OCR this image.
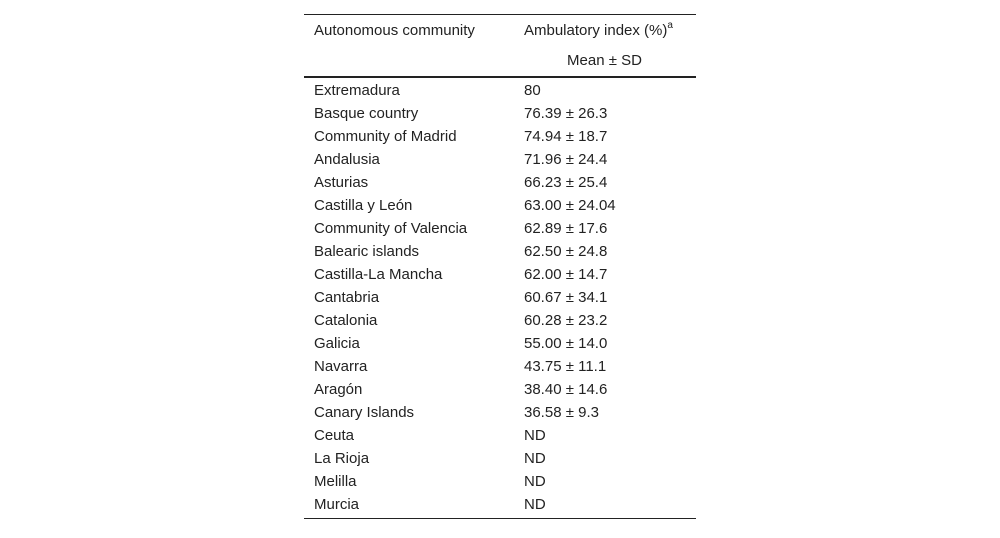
Autonomous community	Ambulatory index (%)$^a$
	Mean ± SD
Extremadura	80
Basque country	76.39 ± 26.3
Community of Madrid	74.94 ± 18.7
Andalusia	71.96 ± 24.4
Asturias	66.23 ± 25.4
Castilla y León	63.00 ± 24.04
Community of Valencia	62.89 ± 17.6
Balearic islands	62.50 ± 24.8
Castilla-La Mancha	62.00 ± 14.7
Cantabria	60.67 ± 34.1
Catalonia	60.28 ± 23.2
Galicia	55.00 ± 14.0
Navarra	43.75 ± 11.1
Aragón	38.40 ± 14.6
Canary Islands	36.58 ± 9.3
Ceuta	ND
La Rioja	ND
Melilla	ND
Murcia	ND
